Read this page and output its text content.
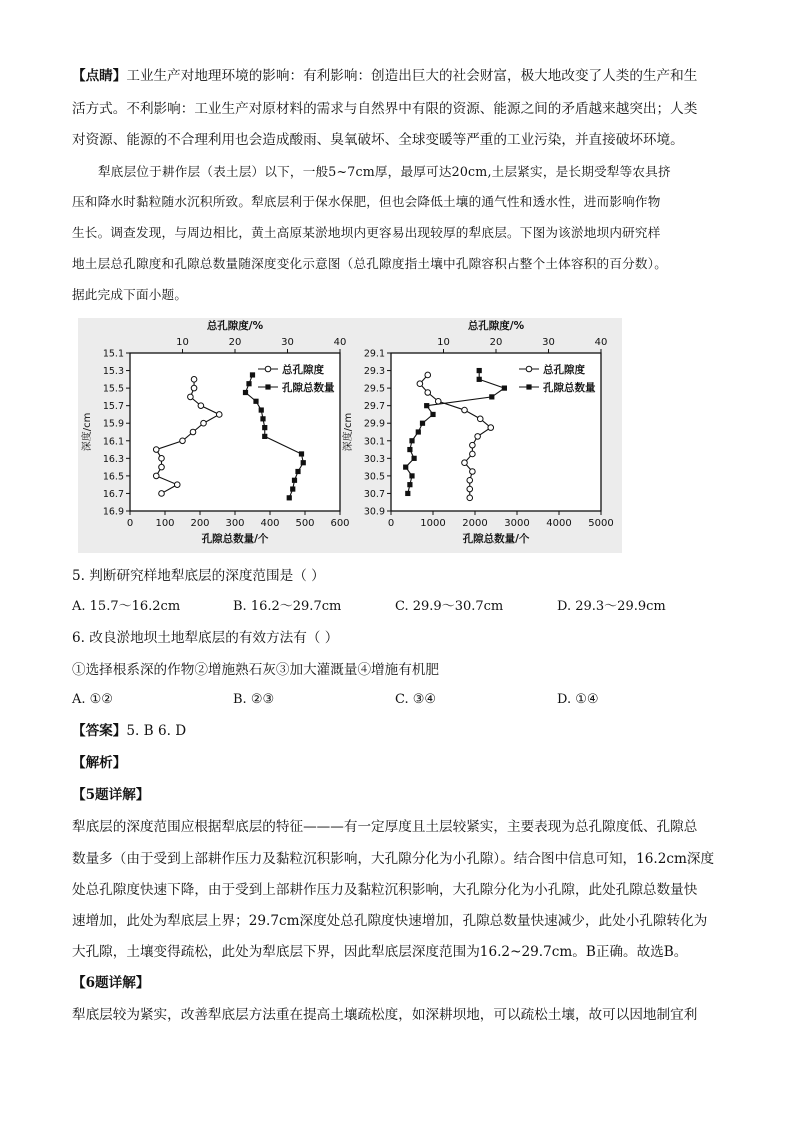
【点睛】工业生产对地理环境的影响：有利影响：创造出巨大的社会财富，极大地改变了人类的生产和生
活方式。不利影响：工业生产对原材料的需求与自然界中有限的资源、能源之间的矛盾越来越突出；人类
对资源、能源的不合理利用也会造成酸雨、臭氧破坏、全球变暖等严重的工业污染，并直接破坏环境。
犁底层位于耕作层（表土层）以下，一般5~7cm厚，最厚可达20cm,土层紧实，是长期受犁等农具挤
压和降水时黏粒随水沉积所致。犁底层利于保水保肥，但也会降低土壤的通气性和透水性，进而影响作物
生长。调查发现，与周边相比，黄土高原某淤地坝内更容易出现较厚的犁底层。下图为该淤地坝内研究样
地土层总孔隙度和孔隙总数量随深度变化示意图（总孔隙度指土壤中孔隙容积占整个土体容积的百分数）。
据此完成下面小题。
总孔隙度/%
10	20	30	40
0 100 200 300 400 500 600
孔隙总数量/个
15.1
15.3
15.5
15.7
15.9
16.1
16.3
16.5
16.7
16.9
深度/cm
总孔隙度
孔隙总数量
总孔隙度/%
10	20	30	40
0	1000 2000 3000 4000 5000
孔隙总数量/个
29.1
29.3
29.5
29.7
29.9
30.1
30.3
30.5
30.7
30.9
深度/cm
总孔隙度
孔隙总数量
5. 判断研究样地犁底层的深度范围是（ ）
A. 15.7～16.2cm	B. 16.2～29.7cm	C. 29.9～30.7cm	D. 29.3～29.9cm
6. 改良淤地坝土地犁底层的有效方法有（ ）
①选择根系深的作物②增施熟石灰③加大灌溉量④增施有机肥
A. ①②	B. ②③	C. ③④	D. ①④
【答案】5. B 6. D
【解析】
【5题详解】
犁底层的深度范围应根据犁底层的特征———有一定厚度且土层较紧实，主要表现为总孔隙度低、孔隙总
数量多（由于受到上部耕作压力及黏粒沉积影响，大孔隙分化为小孔隙）。结合图中信息可知，16.2cm深度
处总孔隙度快速下降，由于受到上部耕作压力及黏粒沉积影响，大孔隙分化为小孔隙，此处孔隙总数量快
速增加，此处为犁底层上界；29.7cm深度处总孔隙度快速增加，孔隙总数量快速减少，此处小孔隙转化为
大孔隙，土壤变得疏松，此处为犁底层下界，因此犁底层深度范围为16.2~29.7cm。B正确。故选B。
【6题详解】
犁底层较为紧实，改善犁底层方法重在提高土壤疏松度，如深耕坝地，可以疏松土壤，故可以因地制宜利
